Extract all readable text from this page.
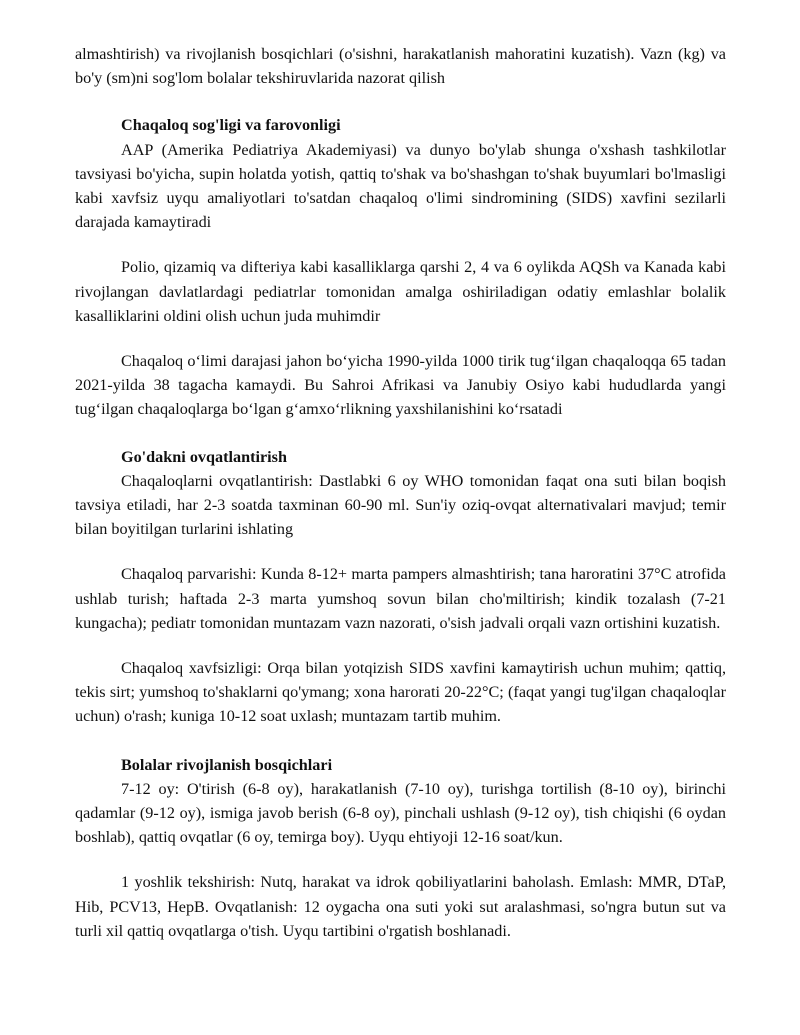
almashtirish) va rivojlanish bosqichlari (o'sishni, harakatlanish mahoratini kuzatish). Vazn (kg) va bo'y (sm)ni sog'lom bolalar tekshiruvlarida nazorat qilish

Chaqaloq sog'ligi va farovonligi

AAP (Amerika Pediatriya Akademiyasi) va dunyo bo'ylab shunga o'xshash tashkilotlar tavsiyasi bo'yicha, supin holatda yotish, qattiq to'shak va bo'shashgan to'shak buyumlari bo'lmasligi kabi xavfsiz uyqu amaliyotlari to'satdan chaqaloq o'limi sindromining (SIDS) xavfini sezilarli darajada kamaytiradi

Polio, qizamiq va difteriya kabi kasalliklarga qarshi 2, 4 va 6 oylikda AQSh va Kanada kabi rivojlangan davlatlardagi pediatrlar tomonidan amalga oshiriladigan odatiy emlashlar bolalik kasalliklarini oldini olish uchun juda muhimdir

Chaqaloq o‘limi darajasi jahon bo‘yicha 1990-yilda 1000 tirik tug‘ilgan chaqaloqqa 65 tadan 2021-yilda 38 tagacha kamaydi. Bu Sahroi Afrikasi va Janubiy Osiyo kabi hududlarda yangi tug‘ilgan chaqaloqlarga bo‘lgan g‘amxo‘rlikning yaxshilanishini ko‘rsatadi

Go'dakni ovqatlantirish

Chaqaloqlarni ovqatlantirish: Dastlabki 6 oy WHO tomonidan faqat ona suti bilan boqish tavsiya etiladi, har 2-3 soatda taxminan 60-90 ml. Sun'iy oziq-ovqat alternativalari mavjud; temir bilan boyitilgan turlarini ishlating

Chaqaloq parvarishi: Kunda 8-12+ marta pampers almashtirish; tana haroratini 37°C atrofida ushlab turish; haftada 2-3 marta yumshoq sovun bilan cho'miltirish; kindik tozalash (7-21 kungacha); pediatr tomonidan muntazam vazn nazorati, o'sish jadvali orqali vazn ortishini kuzatish.

Chaqaloq xavfsizligi: Orqa bilan yotqizish SIDS xavfini kamaytirish uchun muhim; qattiq, tekis sirt; yumshoq to'shaklarni qo'ymang; xona harorati 20-22°C; (faqat yangi tug'ilgan chaqaloqlar uchun) o'rash; kuniga 10-12 soat uxlash; muntazam tartib muhim.

Bolalar rivojlanish bosqichlari

7-12 oy: O'tirish (6-8 oy), harakatlanish (7-10 oy), turishga tortilish (8-10 oy), birinchi qadamlar (9-12 oy), ismiga javob berish (6-8 oy), pinchali ushlash (9-12 oy), tish chiqishi (6 oydan boshlab), qattiq ovqatlar (6 oy, temirga boy). Uyqu ehtiyoji 12-16 soat/kun.

1 yoshlik tekshirish: Nutq, harakat va idrok qobiliyatlarini baholash. Emlash: MMR, DTaP, Hib, PCV13, HepB. Ovqatlanish: 12 oygacha ona suti yoki sut aralashmasi, so'ngra butun sut va turli xil qattiq ovqatlarga o'tish. Uyqu tartibini o'rgatish boshlanadi.
